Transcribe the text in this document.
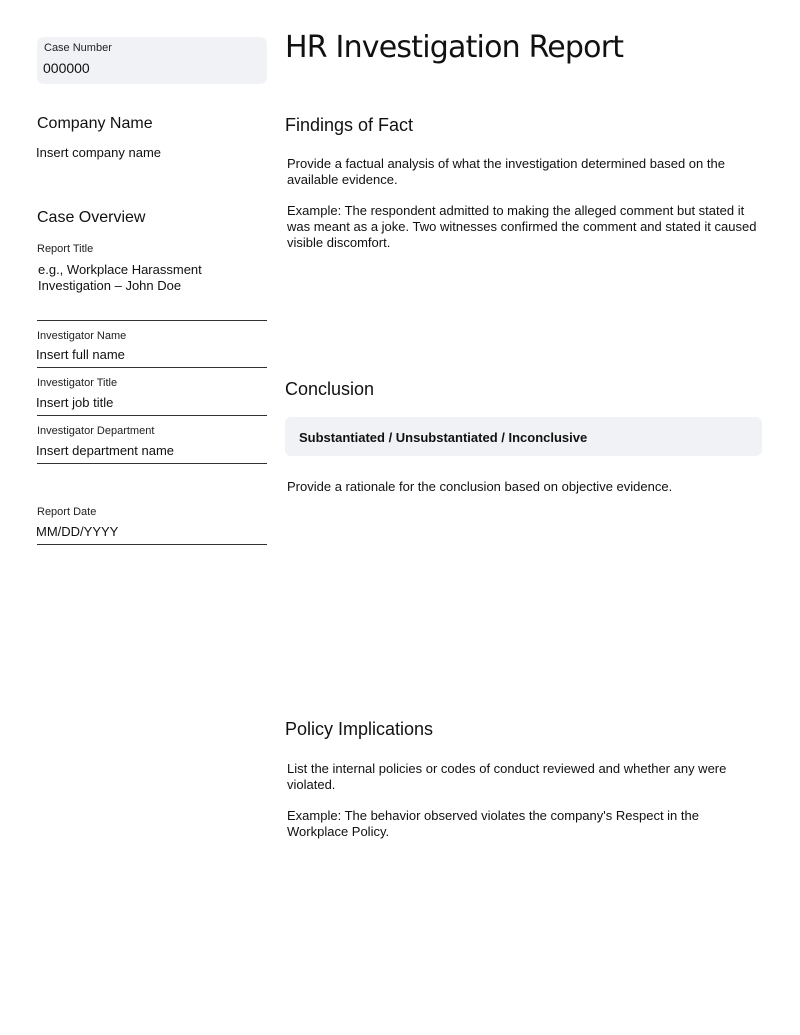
Case Number
000000
HR Investigation Report
Company Name
Insert company name
Case Overview
Report Title
e.g., Workplace Harassment
Investigation – John Doe
Investigator Name
Insert full name
Investigator Title
Insert job title
Investigator Department
Insert department name
Report Date
MM/DD/YYYY
Findings of Fact
Provide a factual analysis of what the investigation determined based on the available evidence.
Example: The respondent admitted to making the alleged comment but stated it was meant as a joke. Two witnesses confirmed the comment and stated it caused visible discomfort.
Conclusion
Substantiated / Unsubstantiated / Inconclusive
Provide a rationale for the conclusion based on objective evidence.
Policy Implications
List the internal policies or codes of conduct reviewed and whether any were violated.
Example: The behavior observed violates the company's Respect in the Workplace Policy.
